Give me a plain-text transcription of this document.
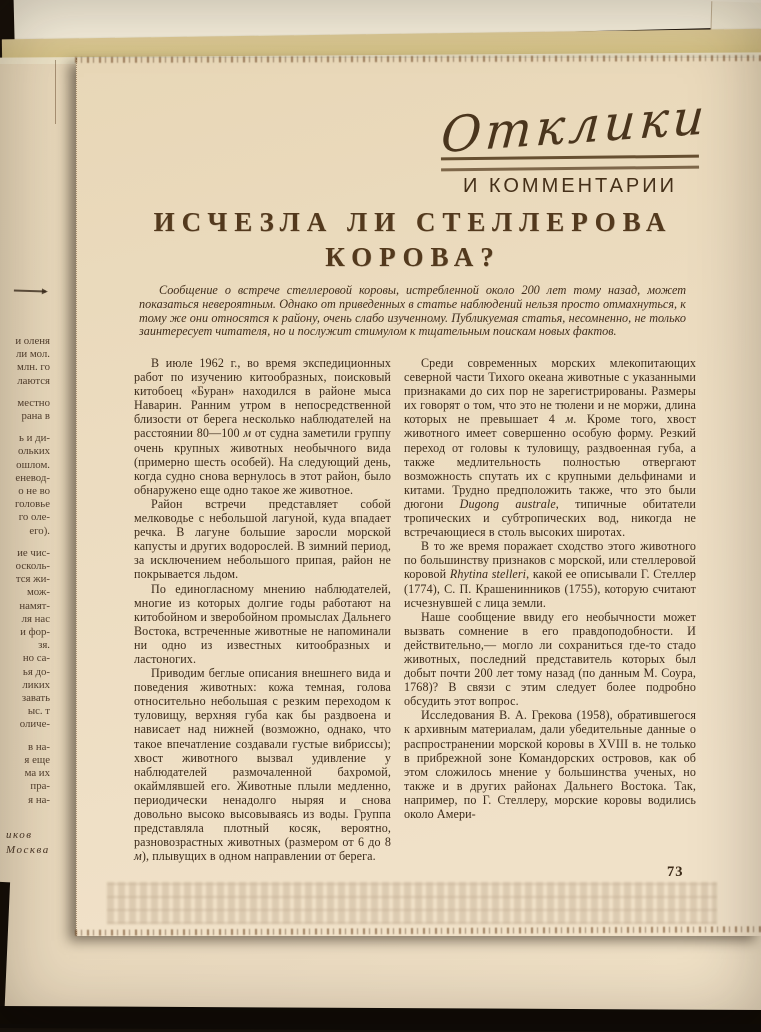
и оленя
ли мол.
млн. го
лаются
местно
рана в
ь и ди-
ольких
ошлом.
еневод-
о не во
головье
го оле-
его).
ие чис-
осколь-
тся жи-
мож-
намят-
ля нас
и фор-
зя.
но са-
ья до-
ликих
завать
ыс. т
оличе-
в на-
я еще
ма их
пра-
я на-
иков
Москва
Отклики
И КОММЕНТАРИИ
ИСЧЕЗЛА ЛИ СТЕЛЛЕРОВА
КОРОВА?

Сообщение о встрече стеллеровой коровы, истребленной около 200 лет тому назад, может показаться невероятным. Однако от приведенных в статье наблюдений нельзя просто отмахнуться, к тому же они относятся к району, очень слабо изученному. Публикуемая статья, несомненно, не только заинтересует читателя, но и послужит стимулом к тщательным поискам новых фактов.

В июле 1962 г., во время экспедиционных работ по изучению китообразных, поисковый китобоец «Буран» находился в районе мыса Наварин. Ранним утром в непосредственной близости от берега несколько наблюдателей на расстоянии 80—100 м от судна заметили группу очень крупных животных необычного вида (примерно шесть особей). На следующий день, когда судно снова вернулось в этот район, было обнаружено еще одно такое же животное.

Район встречи представляет собой мелководье с небольшой лагуной, куда впадает речка. В лагуне большие заросли морской капусты и других водорослей. В зимний период, за исключением небольшого припая, район не покрывается льдом.

По единогласному мнению наблюдателей, многие из которых долгие годы работают на китобойном и зверобойном промыслах Дальнего Востока, встреченные животные не напоминали ни одно из известных китообразных и ластоногих.

Приводим беглые описания внешнего вида и поведения животных: кожа темная, голова относительно небольшая с резким переходом к туловищу, верхняя губа как бы раздвоена и нависает над нижней (возможно, однако, что такое впечатление создавали густые вибриссы); хвост животного вызвал удивление у наблюдателей размочаленной бахромой, окаймлявшей его. Животные плыли медленно, периодически ненадолго ныряя и снова довольно высоко высовываясь из воды. Группа представляла плотный косяк, вероятно, разновозрастных животных (размером от 6 до 8 м), плывущих в одном направлении от берега.

Среди современных морских млекопитающих северной части Тихого океана животные с указанными признаками до сих пор не зарегистрированы. Размеры их говорят о том, что это не тюлени и не моржи, длина которых не превышает 4 м. Кроме того, хвост животного имеет совершенно особую форму. Резкий переход от головы к туловищу, раздвоенная губа, а также медлительность полностью отвергают возможность спутать их с крупными дельфинами и китами. Трудно предположить также, что это были дюгони Dugong australe, типичные обитатели тропических и субтропических вод, никогда не встречающиеся в столь высоких широтах.

В то же время поражает сходство этого животного по большинству признаков с морской, или стеллеровой коровой Rhytina stelleri, какой ее описывали Г. Стеллер (1774), С. П. Крашенинников (1755), которую считают исчезнувшей с лица земли.

Наше сообщение ввиду его необычности может вызвать сомнение в его правдоподобности. И действительно,— могло ли сохраниться где-то стадо животных, последний представитель которых был добыт почти 200 лет тому назад (по данным М. Соура, 1768)? В связи с этим следует более подробно обсудить этот вопрос.

Исследования В. А. Грекова (1958), обратившегося к архивным материалам, дали убедительные данные о распространении морской коровы в XVIII в. не только в прибрежной зоне Командорских островов, как об этом сложилось мнение у большинства ученых, но также и в других районах Дальнего Востока. Так, например, по Г. Стеллеру, морские коровы водились около Амери-

73
